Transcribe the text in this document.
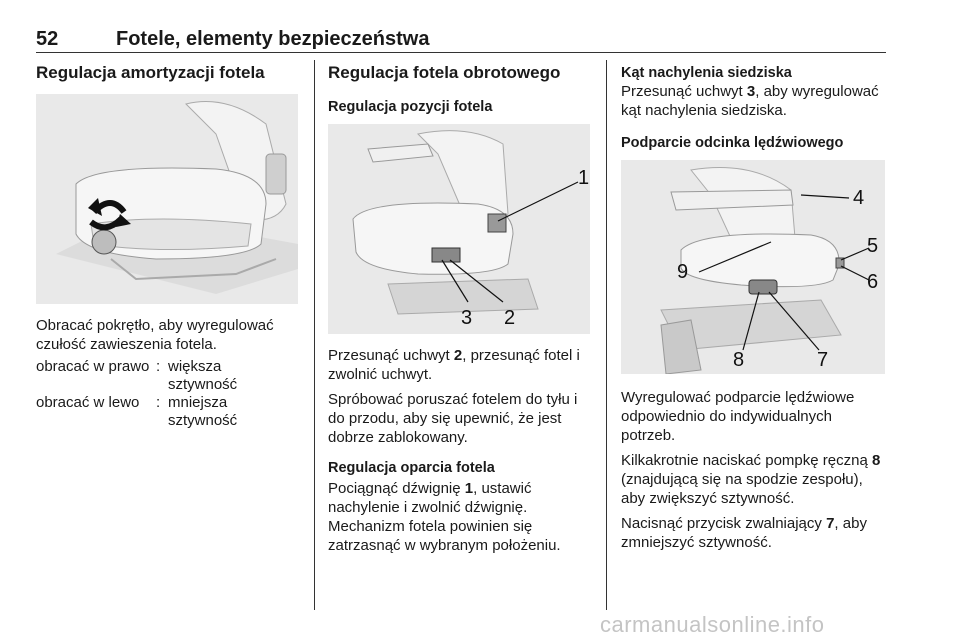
52	Fotele, elementy bezpieczeństwa
Regulacja amortyzacji fotela

Obracać pokrętło, aby wyregulować czułość zawieszenia fotela.

obracać w prawo : większa sztywność
obracać w lewo	: mniejsza sztywność
Regulacja fotela obrotowego
Regulacja pozycji fotela
1
3 2

Przesunąć uchwyt 2, przesunąć fotel i zwolnić uchwyt.

Spróbować poruszać fotelem do tyłu i do przodu, aby się upewnić, że jest dobrze zablokowany.

Regulacja oparcia fotela

Pociągnąć dźwignię 1, ustawić nachylenie i zwolnić dźwignię. Mechanizm fotela powinien się zatrzasnąć w wybranym położeniu.

Kąt nachylenia siedziska

Przesunąć uchwyt 3, aby wyregulować kąt nachylenia siedziska.

Podparcie odcinka lędźwiowego
4
5
6
9
8	7

Wyregulować podparcie lędźwiowe odpowiednio do indywidualnych potrzeb.

Kilkakrotnie naciskać pompkę ręczną 8 (znajdującą się na spodzie zespołu), aby zwiększyć sztywność.

Nacisnąć przycisk zwalniający 7, aby zmniejszyć sztywność.

carmanualsonline.info
